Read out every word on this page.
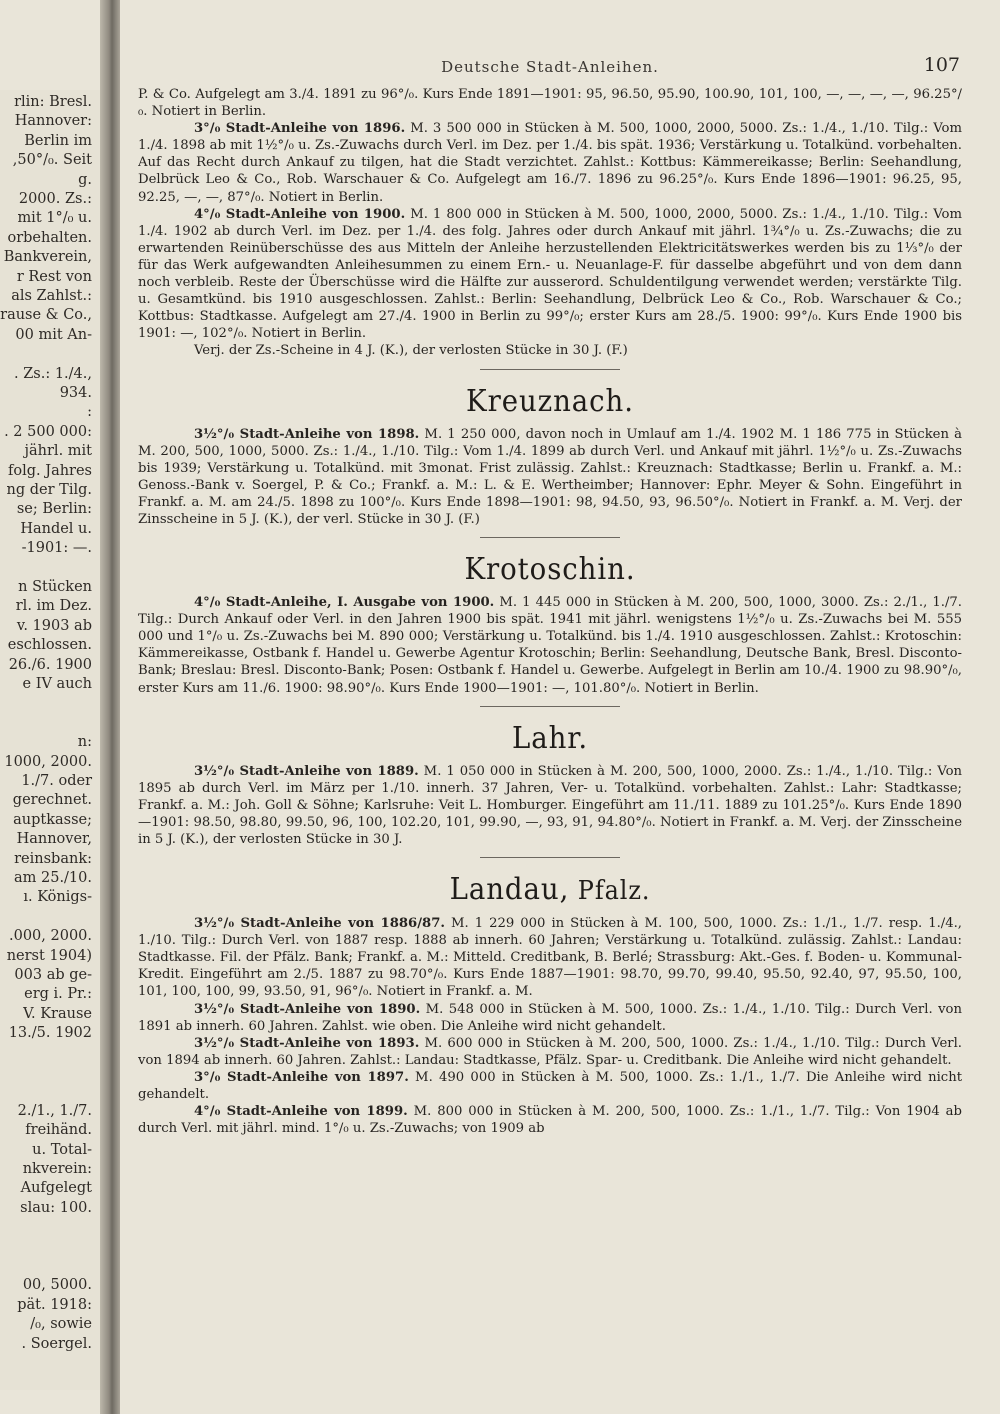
rlin: Bresl.
Hannover:
Berlin im
,50°/₀. Seit
g.
2000. Zs.:
mit 1°/₀ u.
orbehalten.
Bankverein,
r Rest von
als Zahlst.:
rause & Co.,
00 mit An-
. Zs.: 1./4.,
934.
:
. 2 500 000:
jährl. mit
folg. Jahres
ng der Tilg.
se; Berlin:
Handel u.
-1901: —.
n Stücken
rl. im Dez.
v. 1903 ab
eschlossen.
26./6. 1900
e IV auch
n:
1000, 2000.
1./7. oder
gerechnet.
auptkasse;
Hannover,
reinsbank:
am 25./10.
ı. Königs-
.000, 2000.
nerst 1904)
003 ab ge-
erg i. Pr.:
V. Krause
13./5. 1902
2./1., 1./7.
freihänd.
u. Total-
nkverein:
Aufgelegt
slau: 100.
00, 5000.
pät. 1918:
/₀, sowie
. Soergel.
Deutsche Stadt-Anleihen.	107

P. & Co. Aufgelegt am 3./4. 1891 zu 96°/₀. Kurs Ende 1891—1901: 95, 96.50, 95.90, 100.90, 101, 100, —, —, —, —, 96.25°/₀. Notiert in Berlin.

3°/₀ Stadt-Anleihe von 1896. M. 3 500 000 in Stücken à M. 500, 1000, 2000, 5000. Zs.: 1./4., 1./10. Tilg.: Vom 1./4. 1898 ab mit 1½°/₀ u. Zs.-Zuwachs durch Verl. im Dez. per 1./4. bis spät. 1936; Verstärkung u. Totalkünd. vorbehalten. Auf das Recht durch Ankauf zu tilgen, hat die Stadt verzichtet. Zahlst.: Kottbus: Kämmereikasse; Berlin: Seehandlung, Delbrück Leo & Co., Rob. Warschauer & Co. Aufgelegt am 16./7. 1896 zu 96.25°/₀. Kurs Ende 1896—1901: 96.25, 95, 92.25, —, —, 87°/₀. Notiert in Berlin.

4°/₀ Stadt-Anleihe von 1900. M. 1 800 000 in Stücken à M. 500, 1000, 2000, 5000. Zs.: 1./4., 1./10. Tilg.: Vom 1./4. 1902 ab durch Verl. im Dez. per 1./4. des folg. Jahres oder durch Ankauf mit jährl. 1¾°/₀ u. Zs.-Zuwachs; die zu erwartenden Reinüberschüsse des aus Mitteln der Anleihe herzustellenden Elektricitätswerkes werden bis zu 1⅓°/₀ der für das Werk aufgewandten Anleihesummen zu einem Ern.- u. Neuanlage-F. für dasselbe abgeführt und von dem dann noch verbleib. Reste der Überschüsse wird die Hälfte zur ausserord. Schuldentilgung verwendet werden; verstärkte Tilg. u. Gesamtkünd. bis 1910 ausgeschlossen. Zahlst.: Berlin: Seehandlung, Delbrück Leo & Co., Rob. Warschauer & Co.; Kottbus: Stadtkasse. Aufgelegt am 27./4. 1900 in Berlin zu 99°/₀; erster Kurs am 28./5. 1900: 99°/₀. Kurs Ende 1900 bis 1901: —, 102°/₀. Notiert in Berlin.

Verj. der Zs.-Scheine in 4 J. (K.), der verlosten Stücke in 30 J. (F.)

Kreuznach.

3½°/₀ Stadt-Anleihe von 1898. M. 1 250 000, davon noch in Umlauf am 1./4. 1902 M. 1 186 775 in Stücken à M. 200, 500, 1000, 5000. Zs.: 1./4., 1./10. Tilg.: Vom 1./4. 1899 ab durch Verl. und Ankauf mit jährl. 1½°/₀ u. Zs.-Zuwachs bis 1939; Verstärkung u. Totalkünd. mit 3monat. Frist zulässig. Zahlst.: Kreuznach: Stadtkasse; Berlin u. Frankf. a. M.: Genoss.-Bank v. Soergel, P. & Co.; Frankf. a. M.: L. & E. Wertheimber; Hannover: Ephr. Meyer & Sohn. Eingeführt in Frankf. a. M. am 24./5. 1898 zu 100°/₀. Kurs Ende 1898—1901: 98, 94.50, 93, 96.50°/₀. Notiert in Frankf. a. M. Verj. der Zinsscheine in 5 J. (K.), der verl. Stücke in 30 J. (F.)

Krotoschin.

4°/₀ Stadt-Anleihe, I. Ausgabe von 1900. M. 1 445 000 in Stücken à M. 200, 500, 1000, 3000. Zs.: 2./1., 1./7. Tilg.: Durch Ankauf oder Verl. in den Jahren 1900 bis spät. 1941 mit jährl. wenigstens 1½°/₀ u. Zs.-Zuwachs bei M. 555 000 und 1°/₀ u. Zs.-Zuwachs bei M. 890 000; Verstärkung u. Totalkünd. bis 1./4. 1910 ausgeschlossen. Zahlst.: Krotoschin: Kämmereikasse, Ostbank f. Handel u. Gewerbe Agentur Krotoschin; Berlin: Seehandlung, Deutsche Bank, Bresl. Disconto-Bank; Breslau: Bresl. Disconto-Bank; Posen: Ostbank f. Handel u. Gewerbe. Aufgelegt in Berlin am 10./4. 1900 zu 98.90°/₀, erster Kurs am 11./6. 1900: 98.90°/₀. Kurs Ende 1900—1901: —, 101.80°/₀. Notiert in Berlin.

Lahr.

3½°/₀ Stadt-Anleihe von 1889. M. 1 050 000 in Stücken à M. 200, 500, 1000, 2000. Zs.: 1./4., 1./10. Tilg.: Von 1895 ab durch Verl. im März per 1./10. innerh. 37 Jahren, Ver- u. Totalkünd. vorbehalten. Zahlst.: Lahr: Stadtkasse; Frankf. a. M.: Joh. Goll & Söhne; Karlsruhe: Veit L. Homburger. Eingeführt am 11./11. 1889 zu 101.25°/₀. Kurs Ende 1890—1901: 98.50, 98.80, 99.50, 96, 100, 102.20, 101, 99.90, —, 93, 91, 94.80°/₀. Notiert in Frankf. a. M. Verj. der Zinsscheine in 5 J. (K.), der verlosten Stücke in 30 J.

Landau, Pfalz.

3½°/₀ Stadt-Anleihe von 1886/87. M. 1 229 000 in Stücken à M. 100, 500, 1000. Zs.: 1./1., 1./7. resp. 1./4., 1./10. Tilg.: Durch Verl. von 1887 resp. 1888 ab innerh. 60 Jahren; Verstärkung u. Totalkünd. zulässig. Zahlst.: Landau: Stadtkasse. Fil. der Pfälz. Bank; Frankf. a. M.: Mitteld. Creditbank, B. Berlé; Strassburg: Akt.-Ges. f. Boden- u. Kommunal-Kredit. Eingeführt am 2./5. 1887 zu 98.70°/₀. Kurs Ende 1887—1901: 98.70, 99.70, 99.40, 95.50, 92.40, 97, 95.50, 100, 101, 100, 100, 99, 93.50, 91, 96°/₀. Notiert in Frankf. a. M.

3½°/₀ Stadt-Anleihe von 1890. M. 548 000 in Stücken à M. 500, 1000. Zs.: 1./4., 1./10. Tilg.: Durch Verl. von 1891 ab innerh. 60 Jahren. Zahlst. wie oben. Die Anleihe wird nicht gehandelt.

3½°/₀ Stadt-Anleihe von 1893. M. 600 000 in Stücken à M. 200, 500, 1000. Zs.: 1./4., 1./10. Tilg.: Durch Verl. von 1894 ab innerh. 60 Jahren. Zahlst.: Landau: Stadtkasse, Pfälz. Spar- u. Creditbank. Die Anleihe wird nicht gehandelt.

3°/₀ Stadt-Anleihe von 1897. M. 490 000 in Stücken à M. 500, 1000. Zs.: 1./1., 1./7. Die Anleihe wird nicht gehandelt.

4°/₀ Stadt-Anleihe von 1899. M. 800 000 in Stücken à M. 200, 500, 1000. Zs.: 1./1., 1./7. Tilg.: Von 1904 ab durch Verl. mit jährl. mind. 1°/₀ u. Zs.-Zuwachs; von 1909 ab
